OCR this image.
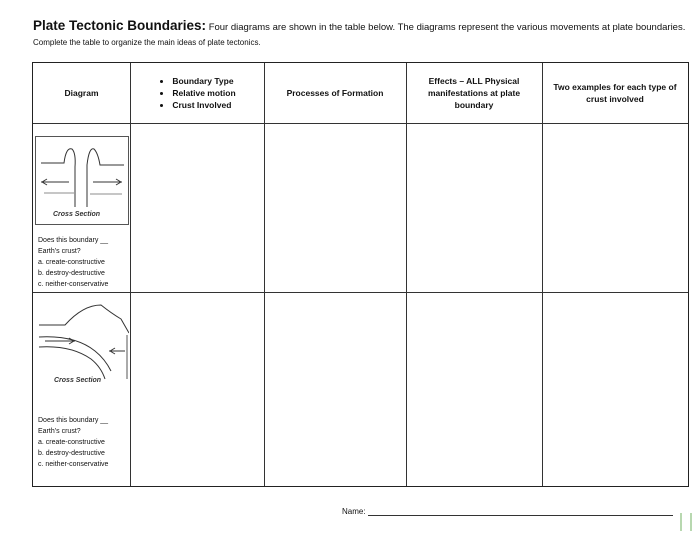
Plate Tectonic Boundaries: Four diagrams are shown in the table below. The diagrams represent the various movements at plate boundaries.
Complete the table to organize the main ideas of plate tectonics.
Diagram
• Boundary Type
• Relative motion
• Crust Involved
Processes of Formation
Effects – ALL Physical manifestations at plate boundary
Two examples for each type of crust involved
Cross Section
Does this boundary __
Earth’s crust?
a. create-constructive
b. destroy-destructive
c. neither-conservative
Cross Section
Does this boundary __
Earth’s crust?
a. create-constructive
b. destroy-destructive
c. neither-conservative
Name:
